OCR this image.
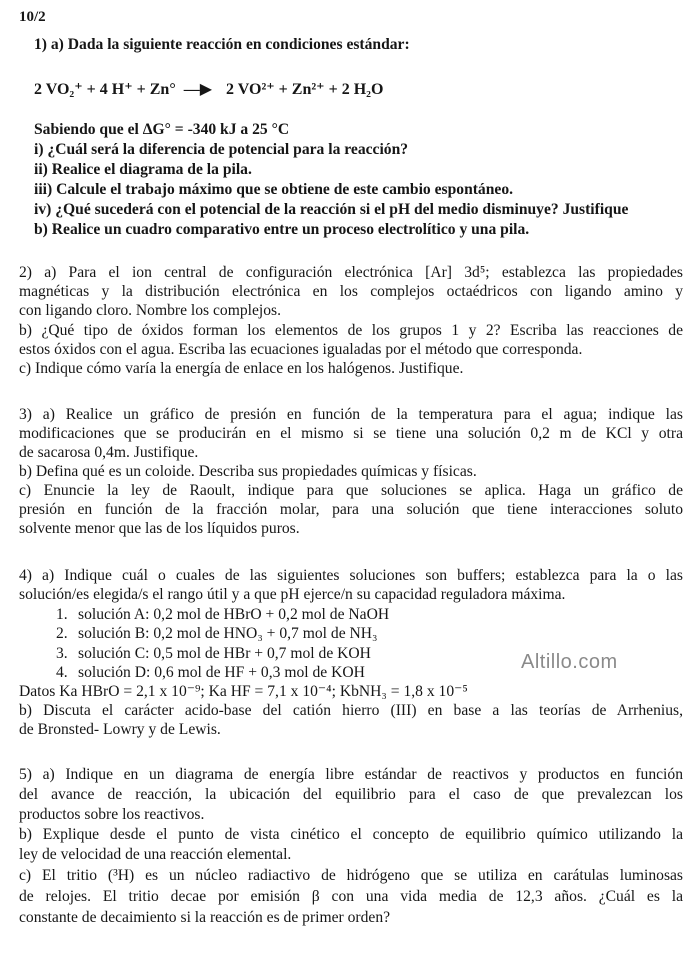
10/2
1) a) Dada la siguiente reacción en condiciones estándar:
2 VO₂⁺ + 4 H⁺ + Zn° —▶ 2 VO²⁺ + Zn²⁺ + 2 H₂O
Sabiendo que el ΔG° = -340 kJ a 25 °C
i) ¿Cuál será la diferencia de potencial para la reacción?
ii) Realice el diagrama de la pila.
iii) Calcule el trabajo máximo que se obtiene de este cambio espontáneo.
iv) ¿Qué sucederá con el potencial de la reacción si el pH del medio disminuye? Justifique
b) Realice un cuadro comparativo entre un proceso electrolítico y una pila.
2) a) Para el ion central de configuración electrónica [Ar] 3d⁵; establezca las propiedades
magnéticas y la distribución electrónica en los complejos octaédricos con ligando amino y
con ligando cloro. Nombre los complejos.
b) ¿Qué tipo de óxidos forman los elementos de los grupos 1 y 2? Escriba las reacciones de
estos óxidos con el agua. Escriba las ecuaciones igualadas por el método que corresponda.
c) Indique cómo varía la energía de enlace en los halógenos. Justifique.
3) a) Realice un gráfico de presión en función de la temperatura para el agua; indique las
modificaciones que se producirán en el mismo si se tiene una solución 0,2 m de KCl y otra
de sacarosa 0,4m. Justifique.
b) Defina qué es un coloide. Describa sus propiedades químicas y físicas.
c) Enuncie la ley de Raoult, indique para que soluciones se aplica. Haga un gráfico de
presión en función de la fracción molar, para una solución que tiene interacciones soluto
solvente menor que las de los líquidos puros.
4) a) Indique cuál o cuales de las siguientes soluciones son buffers; establezca para la o las
solución/es elegida/s el rango útil y a que pH ejerce/n su capacidad reguladora máxima.
1. solución A: 0,2 mol de HBrO + 0,2 mol de NaOH
2. solución B: 0,2 mol de HNO₃ + 0,7 mol de NH₃
3. solución C: 0,5 mol de HBr + 0,7 mol de KOH
4. solución D: 0,6 mol de HF + 0,3 mol de KOH	Altillo.com
Datos Ka HBrO = 2,1 x 10⁻⁹; Ka HF = 7,1 x 10⁻⁴; KbNH₃ = 1,8 x 10⁻⁵
b) Discuta el carácter acido-base del catión hierro (III) en base a las teorías de Arrhenius,
de Bronsted- Lowry y de Lewis.
5) a) Indique en un diagrama de energía libre estándar de reactivos y productos en función
del avance de reacción, la ubicación del equilibrio para el caso de que prevalezcan los
productos sobre los reactivos.
b) Explique desde el punto de vista cinético el concepto de equilibrio químico utilizando la
ley de velocidad de una reacción elemental.
c) El tritio (³H) es un núcleo radiactivo de hidrógeno que se utiliza en carátulas luminosas
de relojes. El tritio decae por emisión β con una vida media de 12,3 años. ¿Cuál es la
constante de decaimiento si la reacción es de primer orden?
